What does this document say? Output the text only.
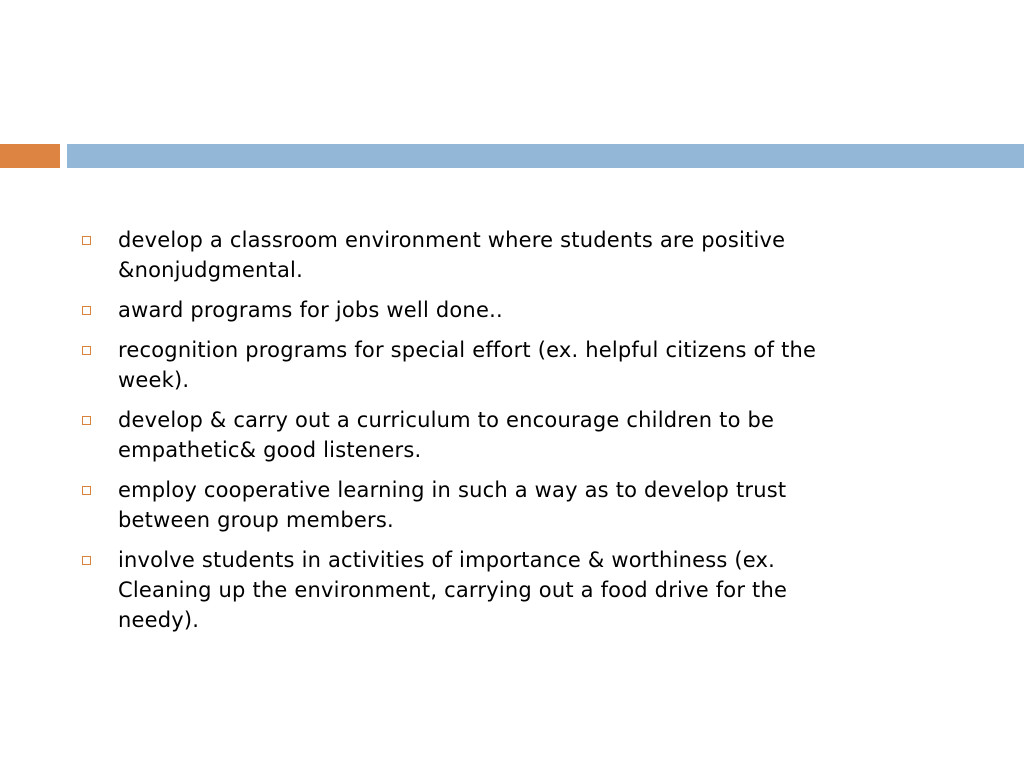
develop a classroom environment where students are positive
&nonjudgmental.
award programs for jobs well done..
recognition programs for special effort (ex. helpful citizens of the
week).
develop & carry out a curriculum to encourage children to be
empathetic& good listeners.
employ cooperative learning in such a way as to develop trust
between group members.
involve students in activities of importance & worthiness (ex.
Cleaning up the environment, carrying out a food drive for the
needy).
